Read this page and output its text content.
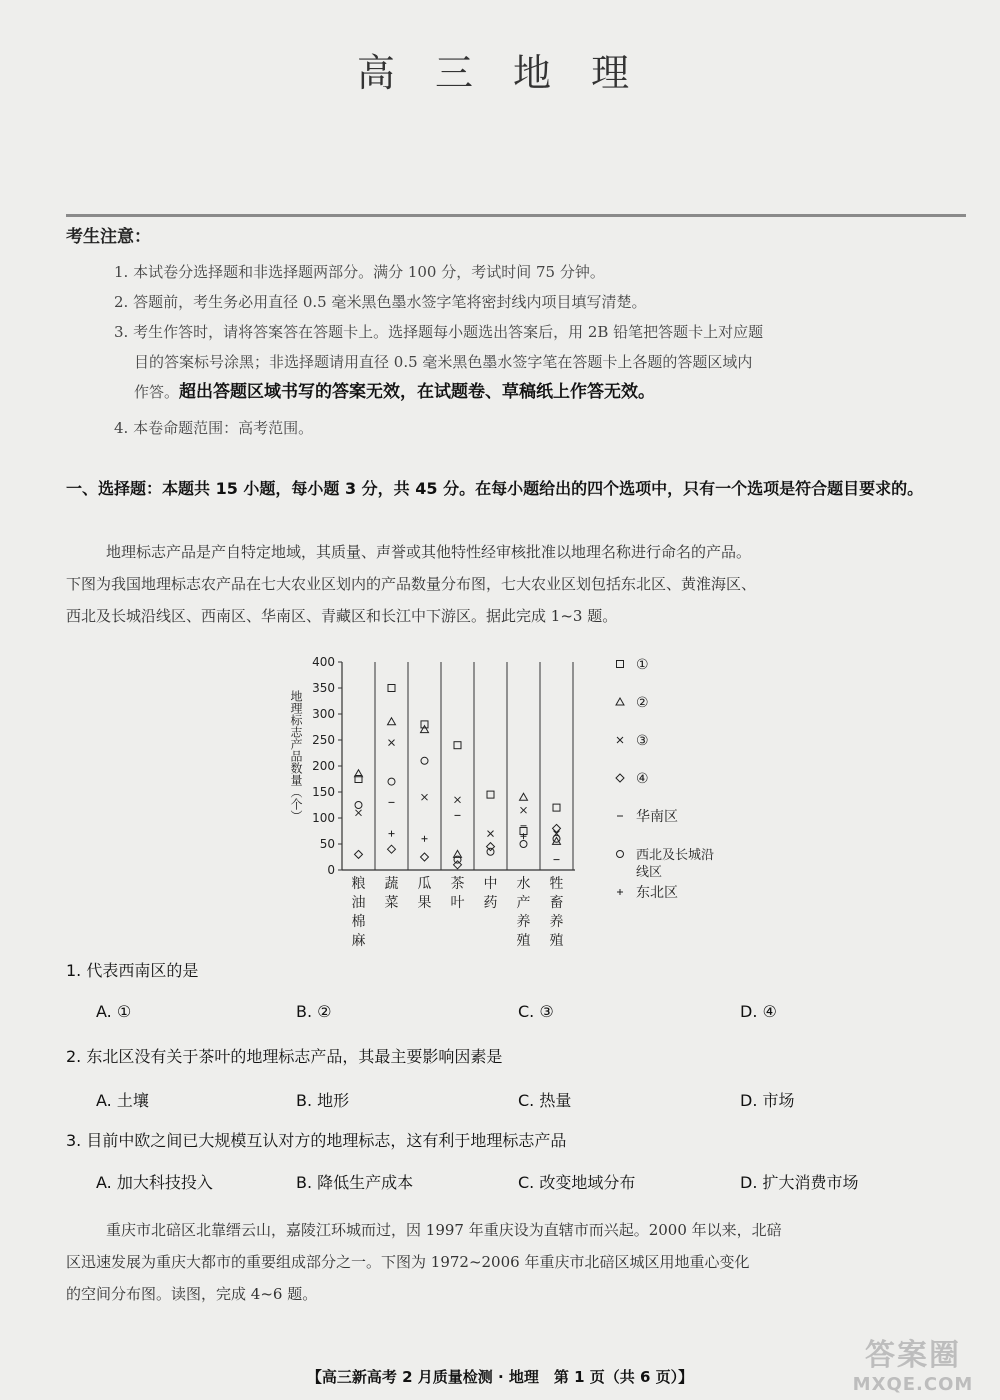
高 三 地 理
考生注意：
1. 本试卷分选择题和非选择题两部分。满分 100 分，考试时间 75 分钟。
2. 答题前，考生务必用直径 0.5 毫米黑色墨水签字笔将密封线内项目填写清楚。
3. 考生作答时，请将答案答在答题卡上。选择题每小题选出答案后，用 2B 铅笔把答题卡上对应题
目的答案标号涂黑；非选择题请用直径 0.5 毫米黑色墨水签字笔在答题卡上各题的答题区域内
作答。超出答题区域书写的答案无效，在试题卷、草稿纸上作答无效。
4. 本卷命题范围：高考范围。
一、选择题：本题共 15 小题，每小题 3 分，共 45 分。在每小题给出的四个选项中，只有一个选项是符合题目要求的。
地理标志产品是产自特定地域，其质量、声誉或其他特性经审核批准以地理名称进行命名的产品。
下图为我国地理标志农产品在七大农业区划内的产品数量分布图，七大农业区划包括东北区、黄淮海区、
西北及长城沿线区、西南区、华南区、青藏区和长江中下游区。据此完成 1~3 题。
0
50
100
150
200
250
300
350
400
地理标志产品数量（个）
粮
油
棉
麻
蔬
菜
瓜
果
茶
叶
中
药
水
产
养
殖
牲
畜
养
殖
①
②
③
④
华南区
西北及长城沿
线区
东北区
1. 代表西南区的是
A. ①	B. ②	C. ③	D. ④
2. 东北区没有关于茶叶的地理标志产品，其最主要影响因素是
A. 土壤	B. 地形	C. 热量	D. 市场
3. 目前中欧之间已大规模互认对方的地理标志，这有利于地理标志产品
A. 加大科技投入	B. 降低生产成本	C. 改变地域分布	D. 扩大消费市场
重庆市北碚区北靠缙云山，嘉陵江环城而过，因 1997 年重庆设为直辖市而兴起。2000 年以来，北碚
区迅速发展为重庆大都市的重要组成部分之一。下图为 1972~2006 年重庆市北碚区城区用地重心变化
的空间分布图。读图，完成 4~6 题。
【高三新高考 2 月质量检测 · 地理　第 1 页（共 6 页）】
答案圈
MXQE.COM
